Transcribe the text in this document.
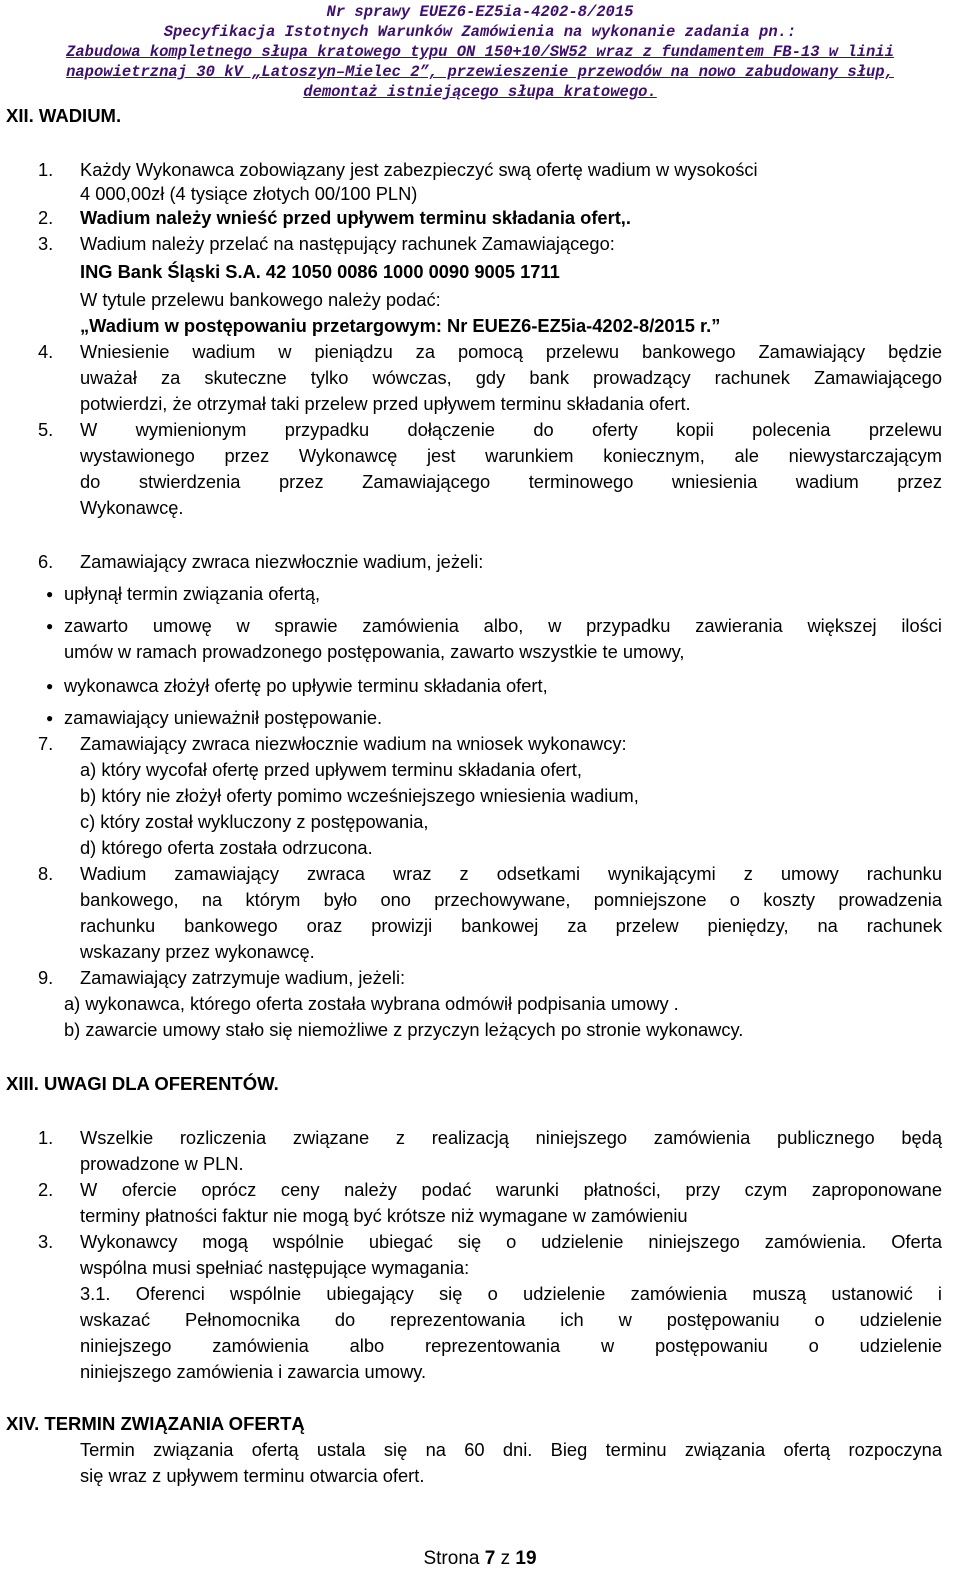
Nr sprawy EUEZ6-EZ5ia-4202-8/2015
Specyfikacja Istotnych Warunków Zamówienia na wykonanie zadania pn.:
Zabudowa kompletnego słupa kratowego typu ON 150+10/SW52 wraz z fundamentem FB-13 w linii
napowietrznaj 30 kV „Latoszyn–Mielec 2”, przewieszenie przewodów na nowo zabudowany słup,
demontaż istniejącego słupa kratowego.
XII. WADIUM.
1. Każdy Wykonawca zobowiązany jest zabezpieczyć swą ofertę wadium w wysokości
4 000,00zł (4 tysiące złotych 00/100 PLN)
2. Wadium należy wnieść przed upływem terminu składania ofert,.
3. Wadium należy przelać na następujący rachunek Zamawiającego:
ING Bank Śląski S.A. 42 1050 0086 1000 0090 9005 1711
W tytule przelewu bankowego należy podać:
„Wadium w postępowaniu przetargowym: Nr EUEZ6-EZ5ia-4202-8/2015 r.”
4. Wniesienie wadium w pieniądzu za pomocą przelewu bankowego Zamawiający będzie
uważał za skuteczne tylko wówczas, gdy bank prowadzący rachunek Zamawiającego
potwierdzi, że otrzymał taki przelew przed upływem terminu składania ofert.
5. W wymienionym przypadku dołączenie do oferty kopii polecenia przelewu
wystawionego przez Wykonawcę jest warunkiem koniecznym, ale niewystarczającym
do stwierdzenia przez Zamawiającego terminowego wniesienia wadium przez
Wykonawcę.
6. Zamawiający zwraca niezwłocznie wadium, jeżeli:
● upłynął termin związania ofertą,
● zawarto umowę w sprawie zamówienia albo, w przypadku zawierania większej ilości
umów w ramach prowadzonego postępowania, zawarto wszystkie te umowy,
● wykonawca złożył ofertę po upływie terminu składania ofert,
● zamawiający unieważnił postępowanie.
7. Zamawiający zwraca niezwłocznie wadium na wniosek wykonawcy:
a) który wycofał ofertę przed upływem terminu składania ofert,
b) który nie złożył oferty pomimo wcześniejszego wniesienia wadium,
c) który został wykluczony z postępowania,
d) którego oferta została odrzucona.
8. Wadium zamawiający zwraca wraz z odsetkami wynikającymi z umowy rachunku
bankowego, na którym było ono przechowywane, pomniejszone o koszty prowadzenia
rachunku bankowego oraz prowizji bankowej za przelew pieniędzy, na rachunek
wskazany przez wykonawcę.
9. Zamawiający zatrzymuje wadium, jeżeli:
a) wykonawca, którego oferta została wybrana odmówił podpisania umowy .
b) zawarcie umowy stało się niemożliwe z przyczyn leżących po stronie wykonawcy.
XIII. UWAGI DLA OFERENTÓW.
1. Wszelkie rozliczenia związane z realizacją niniejszego zamówienia publicznego będą
prowadzone w PLN.
2. W ofercie oprócz ceny należy podać warunki płatności, przy czym zaproponowane
terminy płatności faktur nie mogą być krótsze niż wymagane w zamówieniu
3. Wykonawcy mogą wspólnie ubiegać się o udzielenie niniejszego zamówienia. Oferta
wspólna musi spełniać następujące wymagania:
3.1. Oferenci wspólnie ubiegający się o udzielenie zamówienia muszą ustanowić i
wskazać Pełnomocnika do reprezentowania ich w postępowaniu o udzielenie
niniejszego zamówienia albo reprezentowania w postępowaniu o udzielenie
niniejszego zamówienia i zawarcia umowy.
XIV. TERMIN ZWIĄZANIA OFERTĄ
Termin związania ofertą ustala się na 60 dni. Bieg terminu związania ofertą rozpoczyna
się wraz z upływem terminu otwarcia ofert.
Strona 7 z 19
